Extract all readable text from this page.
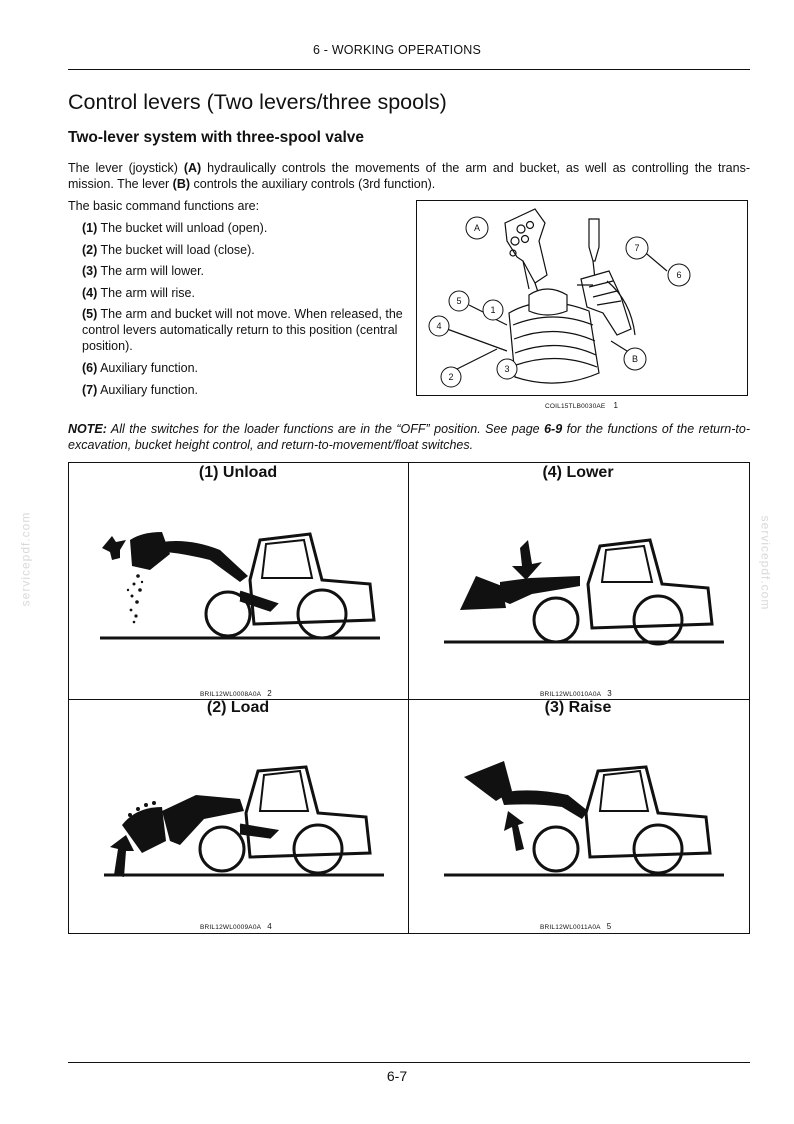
6 - WORKING OPERATIONS
Control levers (Two levers/three spools)
Two-lever system with three-spool valve
The lever (joystick) (A) hydraulically controls the movements of the arm and bucket, as well as controlling the trans- mission. The lever (B) controls the auxiliary controls (3rd function).
The basic command functions are:
(1) The bucket will unload (open).
(2) The bucket will load (close).
(3) The arm will lower.
(4) The arm will rise.
(5) The arm and bucket will not move. When released, the control levers automatically return to this position (central position).
(6) Auxiliary function.
(7) Auxiliary function.
A
7
6
5
1
4
B
2
3
COIL15TLB0030AE 1
NOTE: All the switches for the loader functions are in the “OFF” position. See page 6-9 for the functions of the return-to-excavation, bucket height control, and return-to-movement/float switches.
(1) Unload	(4) Lower
(2) Load	(3) Raise
BRIL12WL0008A0A 2	BRIL12WL0010A0A 3
BRIL12WL0009A0A 4	BRIL12WL0011A0A 5
servicepdf.com	servicepdf.com
6-7
